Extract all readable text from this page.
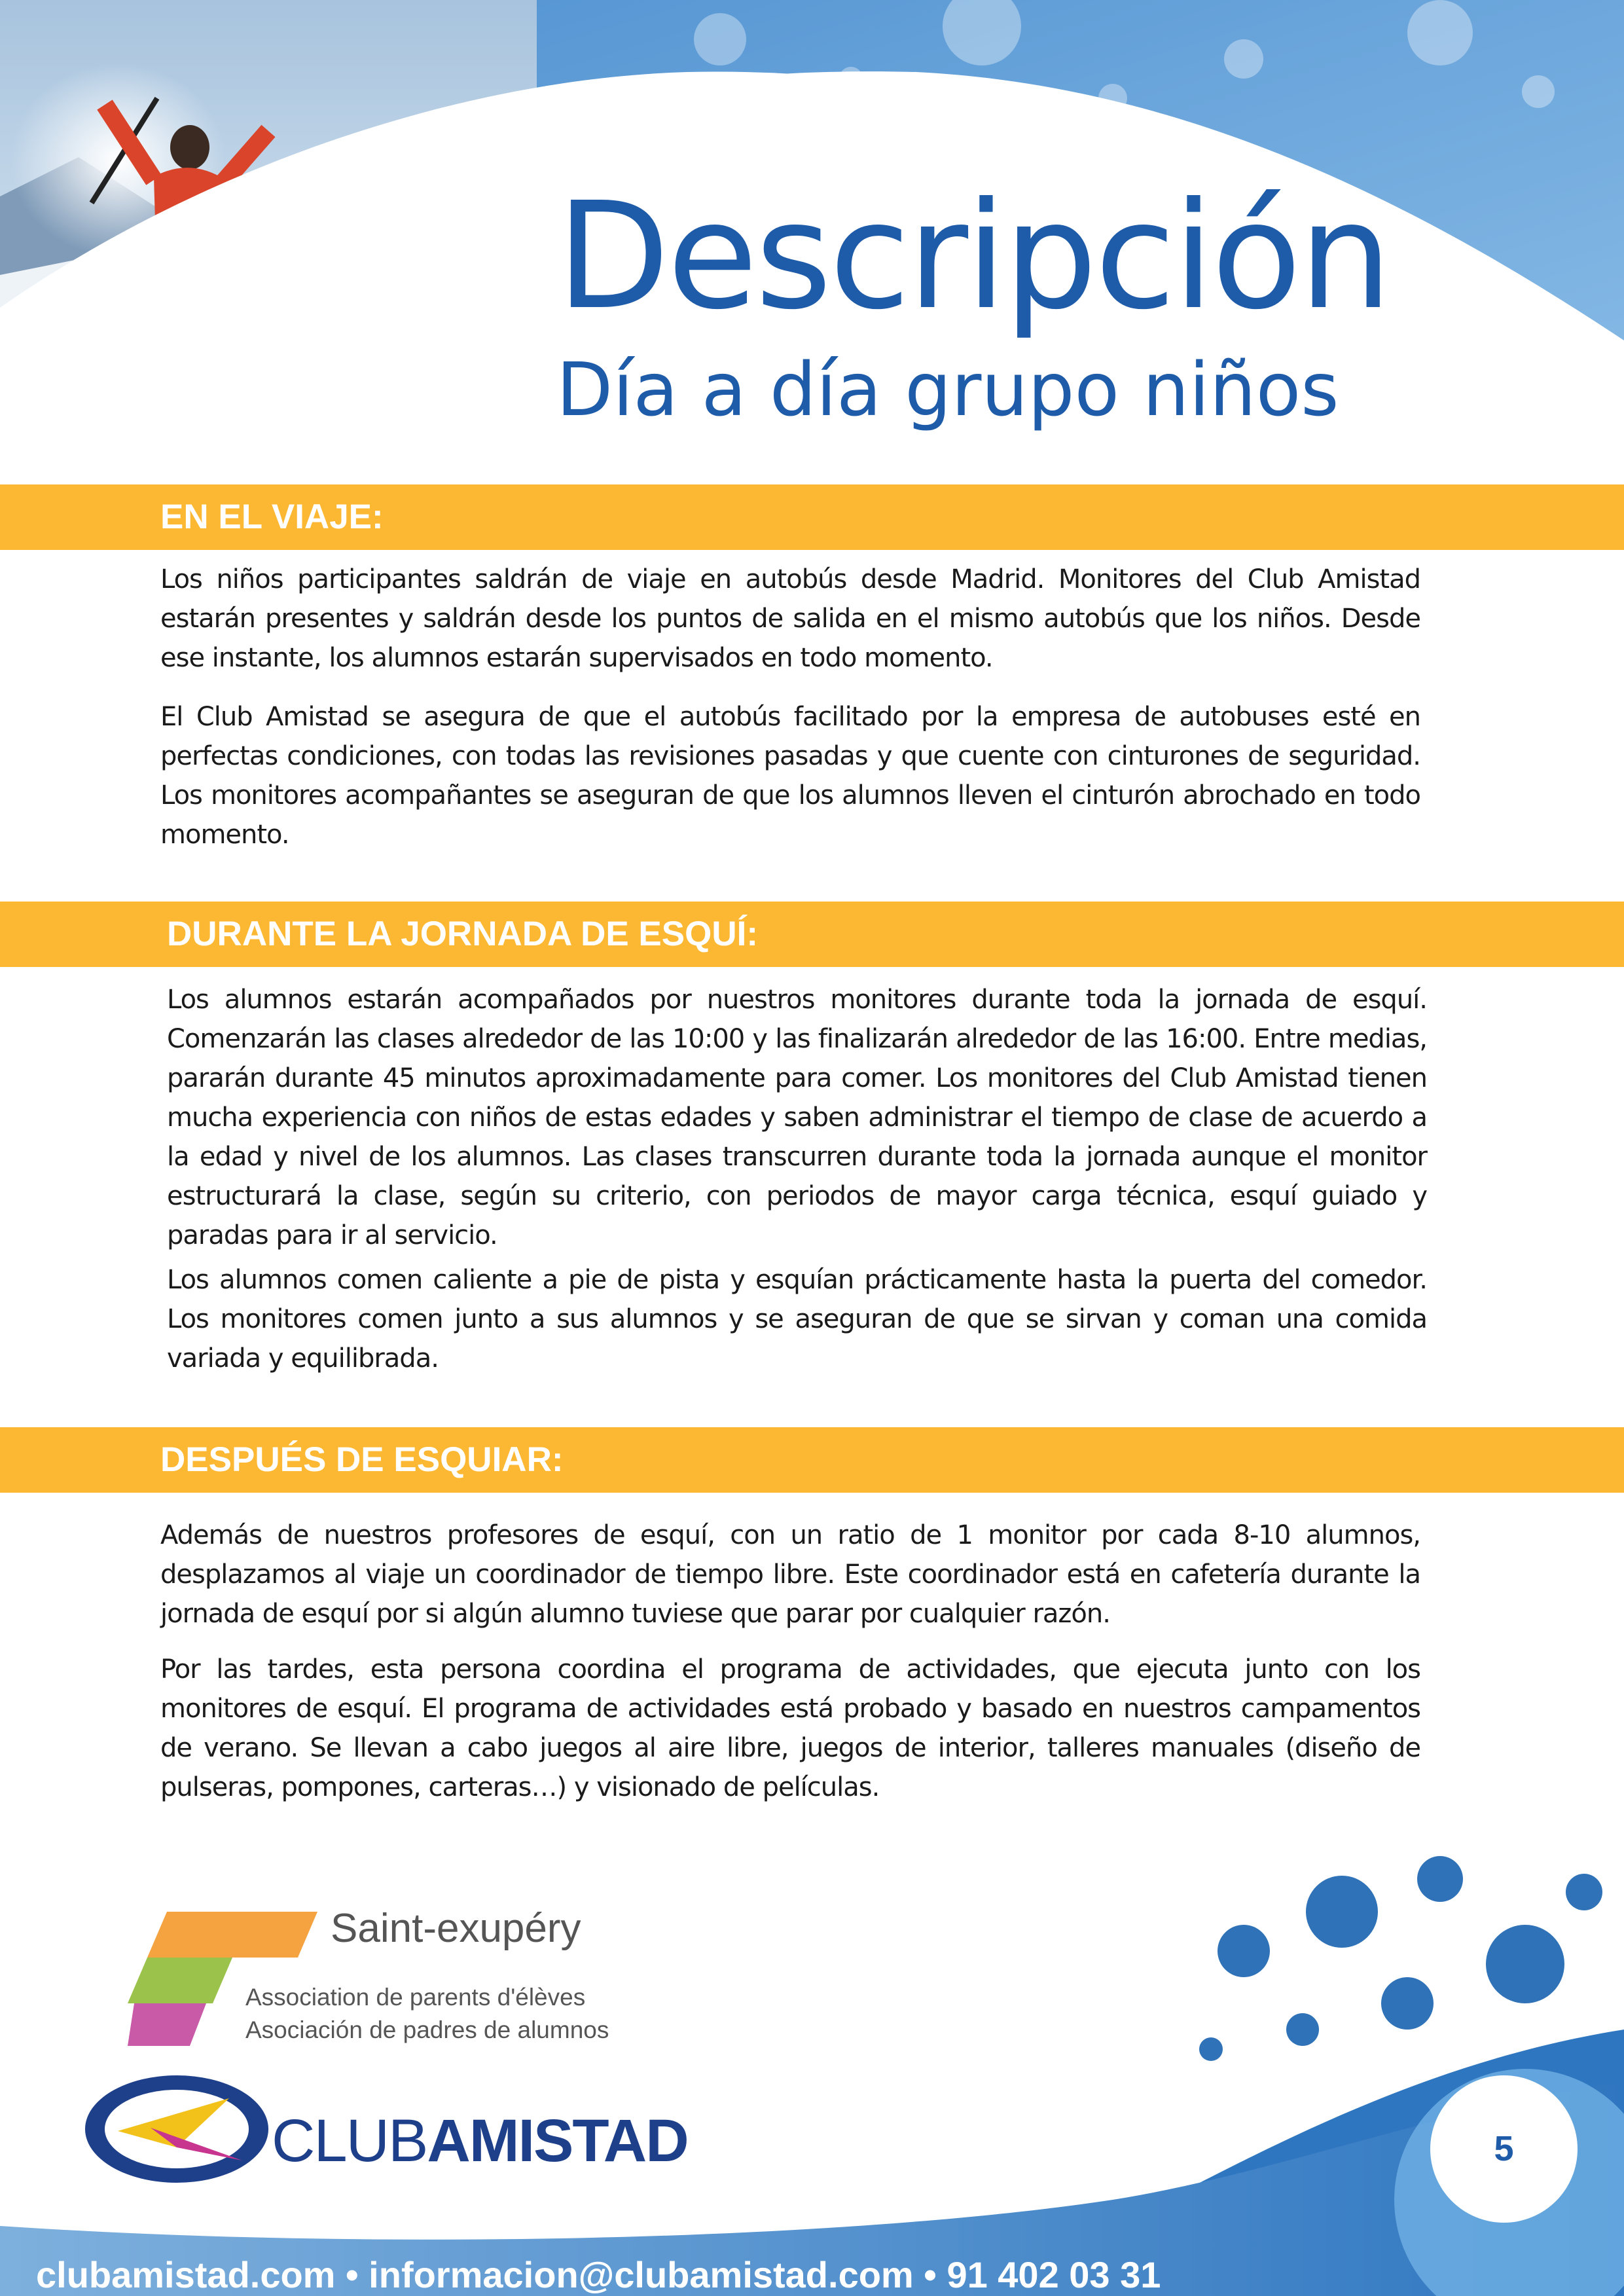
Descripción
Día a día grupo niños
EN EL VIAJE:
Los niños participantes saldrán de viaje en autobús desde Madrid. Monitores del Club Amistad estarán presentes y saldrán desde los puntos de salida en el mismo autobús que los niños. Desde ese instante, los alumnos estarán supervisados en todo momento.
El Club Amistad se asegura de que el autobús facilitado por la empresa de autobuses esté en perfectas condiciones, con todas las revisiones pasadas y que cuente con cinturones de seguridad. Los monitores acompañantes se aseguran de que los alumnos lleven el cinturón abrochado en todo momento.
DURANTE LA JORNADA DE ESQUÍ:
Los alumnos estarán acompañados por nuestros monitores durante toda la jornada de esquí. Comenzarán las clases alrededor de las 10:00 y las finalizarán alrededor de las 16:00. Entre medias, pararán durante 45 minutos aproximadamente para comer. Los monitores del Club Amistad tienen mucha experiencia con niños de estas edades y saben administrar el tiempo de clase de acuerdo a la edad y nivel de los alumnos. Las clases transcurren durante toda la jornada aunque el monitor estructurará la clase, según su criterio, con periodos de mayor carga técnica, esquí guiado y paradas para ir al servicio.
Los alumnos comen caliente a pie de pista y esquían prácticamente hasta la puerta del comedor. Los monitores comen junto a sus alumnos y se aseguran de que se sirvan y coman una comida variada y equilibrada.
DESPUÉS DE ESQUIAR:
Además de nuestros profesores de esquí, con un ratio de 1 monitor por cada 8-10 alumnos, desplazamos al viaje un coordinador de tiempo libre. Este coordinador está en cafetería durante la jornada de esquí por si algún alumno tuviese que parar por cualquier razón.
Por las tardes, esta persona coordina el programa de actividades, que ejecuta junto con los monitores de esquí. El programa de actividades está probado y basado en nuestros campamentos de verano. Se llevan a cabo juegos al aire libre, juegos de interior, talleres manuales (diseño de pulseras, pompones, carteras…) y visionado de películas.
5
Saint-exupéry
Association de parents d'élèves
Asociación de padres de alumnos
CLUBAMISTAD
clubamistad.com • informacion@clubamistad.com • 91 402 03 31
